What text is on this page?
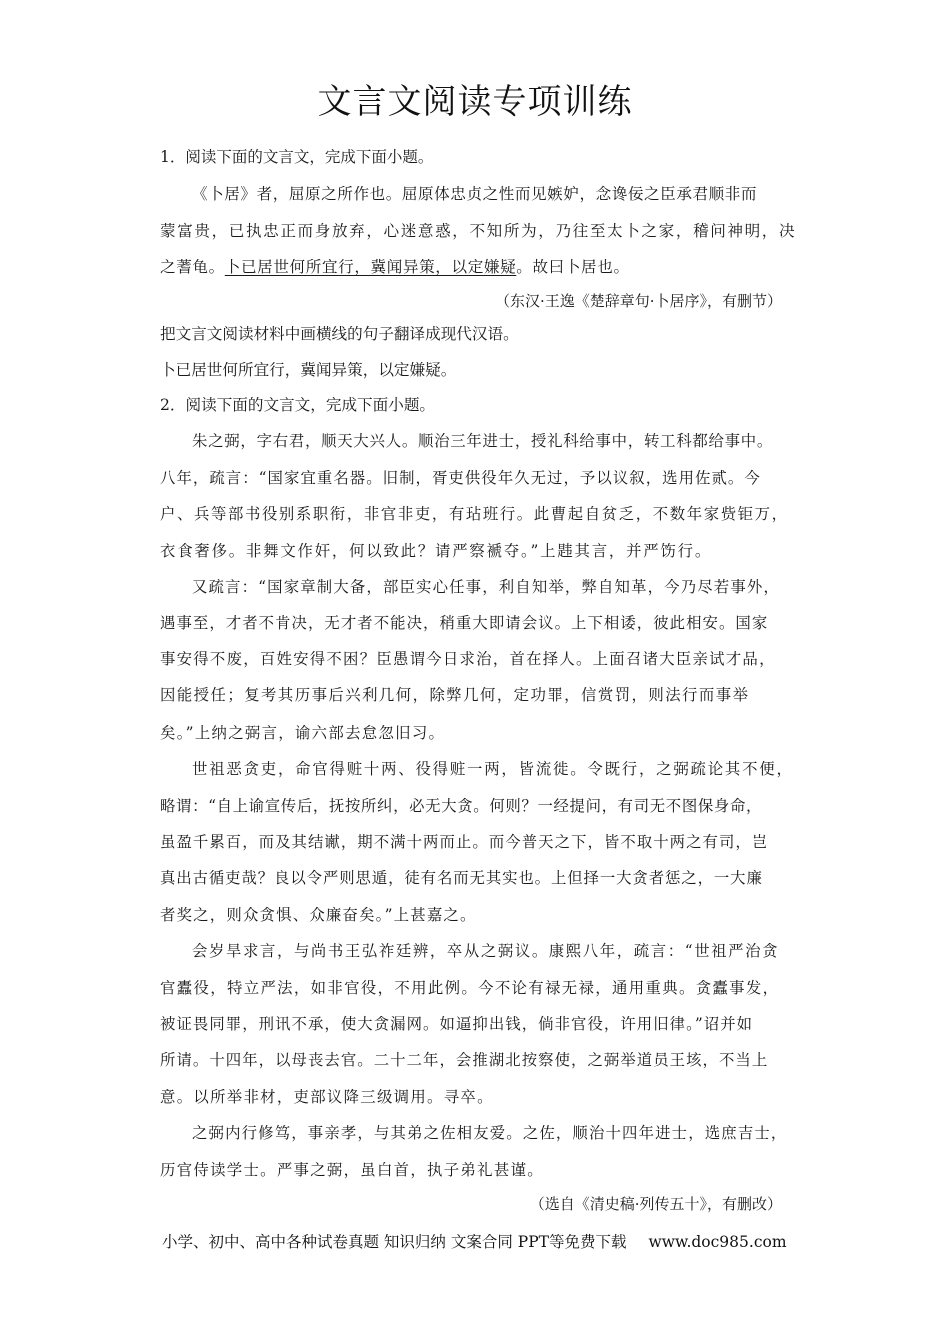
文言文阅读专项训练
1．阅读下面的文言文，完成下面小题。
《卜居》者，屈原之所作也。屈原体忠贞之性而见嫉妒，念谗佞之臣承君顺非而
蒙富贵，已执忠正而身放弃，心迷意惑，不知所为，乃往至太卜之家，稽问神明，决
之蓍龟。卜已居世何所宜行，冀闻异策，以定嫌疑。故曰卜居也。
（东汉·王逸《楚辞章句·卜居序》，有删节）
把文言文阅读材料中画横线的句子翻译成现代汉语。
卜已居世何所宜行，冀闻异策，以定嫌疑。
2．阅读下面的文言文，完成下面小题。
朱之弼，字右君，顺天大兴人。顺治三年进士，授礼科给事中，转工科都给事中。
八年，疏言：“国家宜重名器。旧制，胥吏供役年久无过，予以议叙，选用佐贰。今
户、兵等部书役别系职衔，非官非吏，有玷班行。此曹起自贫乏，不数年家赀钜万，
衣食奢侈。非舞文作奸，何以致此？请严察褫夺。”上韪其言，并严饬行。
又疏言：“国家章制大备，部臣实心任事，利自知举，弊自知革，今乃尽若事外，
遇事至，才者不肯决，无才者不能决，稍重大即请会议。上下相诿，彼此相安。国家
事安得不废，百姓安得不困？臣愚谓今日求治，首在择人。上面召诸大臣亲试才品，
因能授任；复考其历事后兴利几何，除弊几何，定功罪，信赏罚，则法行而事举
矣。”上纳之弼言，谕六部去怠忽旧习。
世祖恶贪吏，命官得赃十两、役得赃一两，皆流徙。令既行，之弼疏论其不便，
略谓：“自上谕宣传后，抚按所纠，必无大贪。何则？一经提问，有司无不图保身命，
虽盈千累百，而及其结谳，期不满十两而止。而今普天之下，皆不取十两之有司，岂
真出古循吏哉？良以令严则思遁，徒有名而无其实也。上但择一大贪者惩之，一大廉
者奖之，则众贪惧、众廉奋矣。”上甚嘉之。
会岁旱求言，与尚书王弘祚廷辨，卒从之弼议。康熙八年，疏言：“世祖严治贪
官蠹役，特立严法，如非官役，不用此例。今不论有禄无禄，通用重典。贪蠹事发，
被证畏同罪，刑讯不承，使大贪漏网。如逼抑出钱，倘非官役，许用旧律。”诏并如
所请。十四年，以母丧去官。二十二年，会推湖北按察使，之弼举道员王垓，不当上
意。以所举非材，吏部议降三级调用。寻卒。
之弼内行修笃，事亲孝，与其弟之佐相友爱。之佐，顺治十四年进士，选庶吉士，
历官侍读学士。严事之弼，虽白首，执子弟礼甚谨。
（选自《清史稿·列传五十》，有删改）
小学、初中、高中各种试卷真题 知识归纳 文案合同 PPT等免费下载 www.doc985.com
